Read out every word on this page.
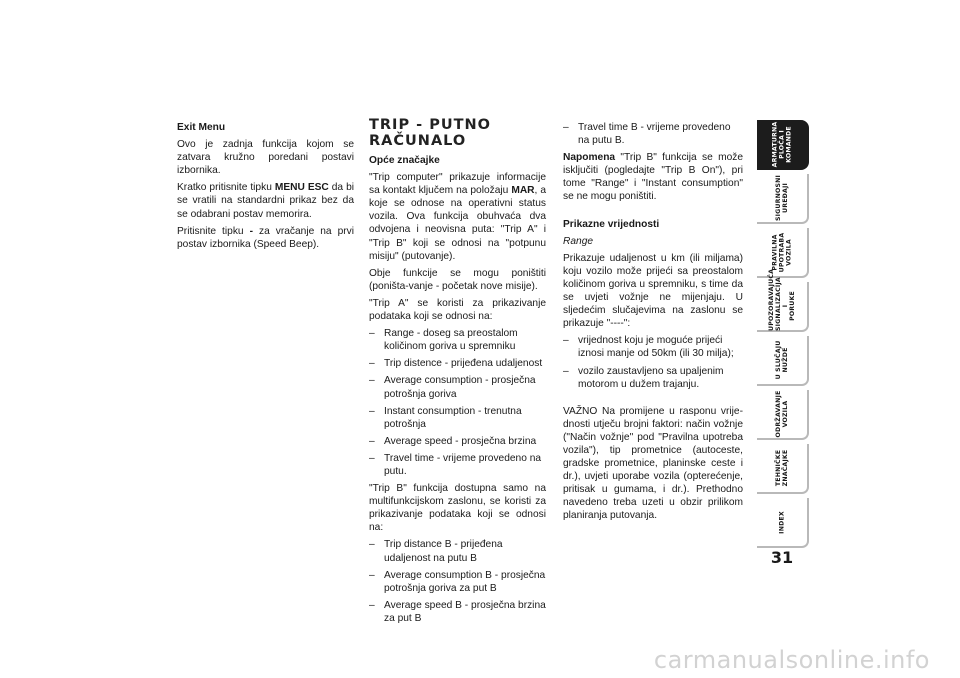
Exit Menu

Ovo je zadnja funkcija kojom se zatvara kružno poredani postavi izbornika.

Kratko pritisnite tipku MENU ESC da bi se vratili na standardni prikaz bez da se odabrani postav memorira.

Pritisnite tipku - za vračanje na prvi postav izbornika (Speed Beep).

TRIP - PUTNO
RAČUNALO

Opće značajke

"Trip computer" prikazuje informacije sa kontakt ključem na položaju MAR, a koje se odnose na operativni status vozila. Ova funkcija obuhvaća dva odvojena i neovisna puta: "Trip A" i "Trip B" koji se odnosi na "potpunu misiju" (putovanje).

Obje funkcije se mogu poništiti (poništa-vanje - početak nove misije).

"Trip A" se koristi za prikazivanje podataka koji se odnosi na:

– Range - doseg sa preostalom količinom goriva u spremniku
– Trip distence - prijeđena udaljenost
– Average consumption - prosječna potrošnja goriva
– Instant consumption - trenutna potrošnja
– Average speed - prosječna brzina
– Travel time - vrijeme provedeno na putu.

"Trip B" funkcija dostupna samo na multifunkcijskom zaslonu, se koristi za prikazivanje podataka koji se odnosi na:

– Trip distance B - prijeđena udaljenost na putu B
– Average consumption B - prosječna potrošnja goriva za put B
– Average speed B - prosječna brzina za put B
– Travel time B - vrijeme provedeno na putu B.

Napomena "Trip B" funkcija se može isključiti (pogledajte "Trip B On"), pri tome "Range" i "Instant consumption" se ne mogu poništiti.

Prikazne vrijednosti

Range

Prikazuje udaljenost u km (ili miljama) koju vozilo može prijeći sa preostalom količinom goriva u spremniku, s time da se uvjeti vožnje ne mijenjaju. U sljedećim slučajevima na zaslonu se prikazuje "----":

– vrijednost koju je moguće prijeći iznosi manje od 50km (ili 30 milja);
– vozilo zaustavljeno sa upaljenim motorom u dužem trajanju.

VAŽNO Na promijene u rasponu vrije-dnosti utječu brojni faktori: način vožnje ("Način vožnje" pod "Pravilna upotreba vozila"), tip prometnice (autoceste, gradske prometnice, planinske ceste i dr.), uvjeti uporabe vozila (opterećenje, pritisak u gumama, i dr.). Prethodno navedeno treba uzeti u obzir prilikom planiranja putovanja.

ARMATURNA
PLOČA I
KOMANDE
SIGURNOSNI
UREĐAJI
PRAVILNA
UPOTRABA
VOZILA
UPOZORAVAJUĆA
SIGNALIZACIJA I
PORUKE
U SLUČAJU
NUŽDE
ODRŽAVANJE
VOZILA
TEHNIČKE
ZNAČAJKE
INDEX
31
carmanualsonline.info
